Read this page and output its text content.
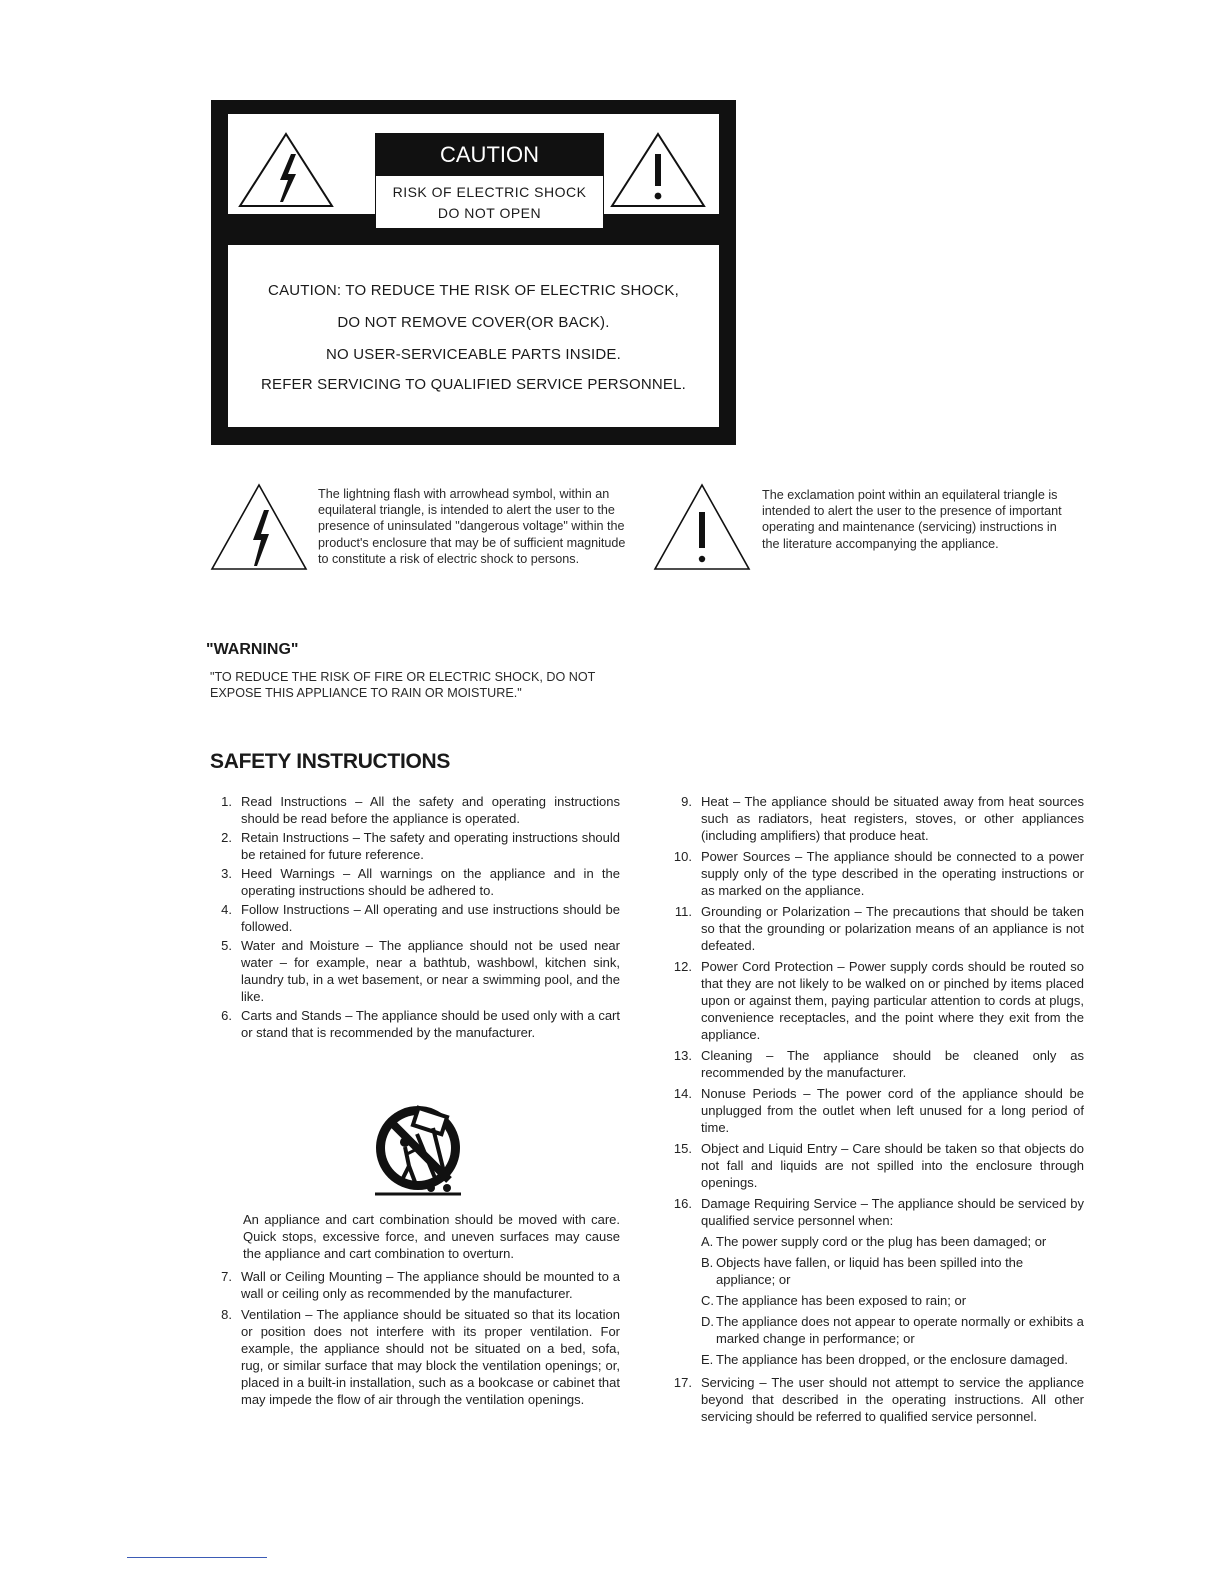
CAUTION
RISK OF ELECTRIC SHOCK
DO NOT OPEN
CAUTION: TO REDUCE THE RISK OF ELECTRIC SHOCK,
DO NOT REMOVE COVER(OR BACK).
NO USER-SERVICEABLE PARTS INSIDE.
REFER SERVICING TO QUALIFIED SERVICE PERSONNEL.
The lightning flash with arrowhead symbol, within an equilateral triangle, is intended to alert the user to the presence of uninsulated "dangerous voltage" within the product's enclosure that may be of sufficient magnitude to constitute a risk of electric shock to persons.
The exclamation point within an equilateral triangle is intended to alert the user to the presence of important operating and maintenance (servicing) instructions in the literature accompanying the appliance.
"WARNING"
"TO REDUCE THE RISK OF FIRE OR ELECTRIC SHOCK, DO NOT EXPOSE THIS APPLIANCE TO RAIN OR MOISTURE."
SAFETY INSTRUCTIONS
1. Read Instructions – All the safety and operating instructions should be read before the appliance is operated.
2. Retain Instructions – The safety and operating instructions should be retained for future reference.
3. Heed Warnings – All warnings on the appliance and in the operating instructions should be adhered to.
4. Follow Instructions – All operating and use instructions should be followed.
5. Water and Moisture – The appliance should not be used near water – for example, near a bathtub, washbowl, kitchen sink, laundry tub, in a wet basement, or near a swimming pool, and the like.
6. Carts and Stands – The appliance should be used only with a cart or stand that is recommended by the manufacturer.
An appliance and cart combination should be moved with care. Quick stops, excessive force, and uneven surfaces may cause the appliance and cart combination to overturn.
7. Wall or Ceiling Mounting – The appliance should be mounted to a wall or ceiling only as recommended by the manufacturer.
8. Ventilation – The appliance should be situated so that its location or position does not interfere with its proper ventilation. For example, the appliance should not be situated on a bed, sofa, rug, or similar surface that may block the ventilation openings; or, placed in a built-in installation, such as a bookcase or cabinet that may impede the flow of air through the ventilation openings.
9. Heat – The appliance should be situated away from heat sources such as radiators, heat registers, stoves, or other appliances (including amplifiers) that produce heat.
10. Power Sources – The appliance should be connected to a power supply only of the type described in the operating instructions or as marked on the appliance.
11. Grounding or Polarization – The precautions that should be taken so that the grounding or polarization means of an appliance is not defeated.
12. Power Cord Protection – Power supply cords should be routed so that they are not likely to be walked on or pinched by items placed upon or against them, paying particular attention to cords at plugs, convenience receptacles, and the point where they exit from the appliance.
13. Cleaning – The appliance should be cleaned only as recommended by the manufacturer.
14. Nonuse Periods – The power cord of the appliance should be unplugged from the outlet when left unused for a long period of time.
15. Object and Liquid Entry – Care should be taken so that objects do not fall and liquids are not spilled into the enclosure through openings.
16. Damage Requiring Service – The appliance should be serviced by qualified service personnel when:
A. The power supply cord or the plug has been damaged; or
B. Objects have fallen, or liquid has been spilled into the appliance; or
C. The appliance has been exposed to rain; or
D. The appliance does not appear to operate normally or exhibits a marked change in performance; or
E. The appliance has been dropped, or the enclosure damaged.
17. Servicing – The user should not attempt to service the appliance beyond that described in the operating instructions. All other servicing should be referred to qualified service personnel.
